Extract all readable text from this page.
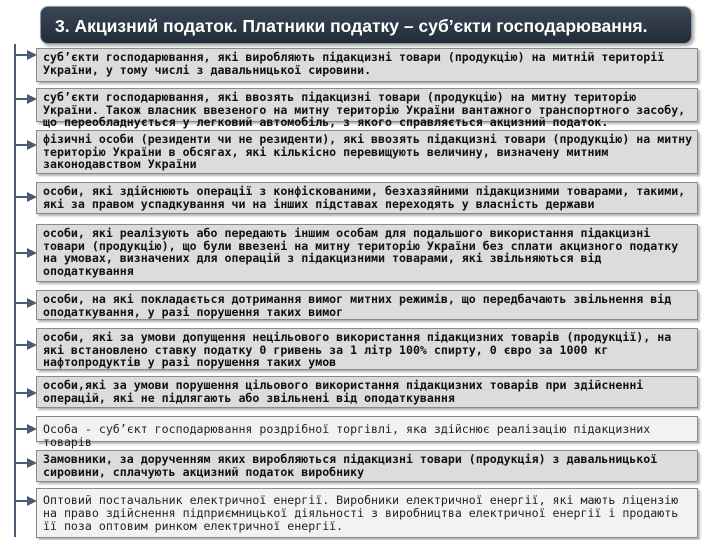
3. Акцизний податок. Платники податку – суб’єкти господарювання.
суб’єкти господарювання, які виробляють підакцизні товари (продукцію) на митній території України, у тому числі з давальницької сировини.
суб’єкти господарювання, які ввозять підакцизні товари (продукцію) на митну територію України. Також власник ввезеного на митну територію України вантажного транспортного засобу, що переобладнується у легковий автомобіль, з якого справляється акцизний податок.
фізичні особи (резиденти чи не резиденти), які ввозять підакцизні товари (продукцію) на митну територію України в обсягах, які кількісно перевищують величину, визначену митним законодавством України
особи, які здійснюють операції з конфіскованими, безхазяйними підакцизними товарами, такими, які за правом успадкування чи на інших підставах переходять у власність держави
особи, які реалізують або передають іншим особам для подальшого використання підакцизні товари (продукцію), що були ввезені на митну територію України без сплати акцизного податку на умовах, визначених для операцій з підакцизними товарами, які звільняються від оподаткування
особи, на які покладається дотримання вимог митних режимів, що передбачають звільнення від оподаткування, у разі порушення таких вимог
особи, які за умови допущення нецільового використання підакцизних товарів (продукції), на які встановлено ставку податку 0 гривень за 1 літр 100% спирту, 0 євро за 1000 кг нафтопродуктів у разі порушення таких умов
особи,які за умови порушення цільового використання підакцизних товарів при здійсненні операцій, які не підлягають або звільнені від оподаткування
Особа - суб’єкт господарювання роздрібної торгівлі, яка здійснює реалізацію підакцизних товарів
Замовники, за дорученням яких виробляються підакцизні товари (продукція) з давальницької сировини, сплачують акцизний податок виробнику
Оптовий постачальник електричної енергії. Виробники електричної енергії, які мають ліцензію на право здійснення підприємницької діяльності з виробництва електричної енергії і продають її поза оптовим ринком електричної енергії.
